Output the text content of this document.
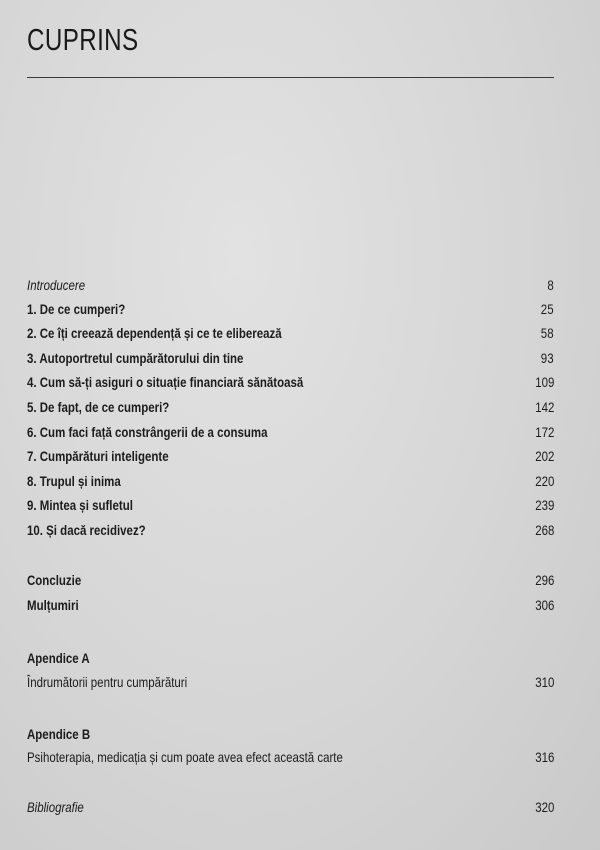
CUPRINS
Introducere	8
1. De ce cumperi?	25
2. Ce îți creează dependență și ce te eliberează	58
3. Autoportretul cumpărătorului din tine	93
4. Cum să-ți asiguri o situație financiară sănătoasă	109
5. De fapt, de ce cumperi?	142
6. Cum faci față constrângerii de a consuma	172
7. Cumpărături inteligente	202
8. Trupul și inima	220
9. Mintea și sufletul	239
10. Și dacă recidivez?	268
Concluzie	296
Mulțumiri	306
Apendice A
Îndrumătorii pentru cumpărături	310
Apendice B
Psihoterapia, medicația și cum poate avea efect această carte	316
Bibliografie	320
